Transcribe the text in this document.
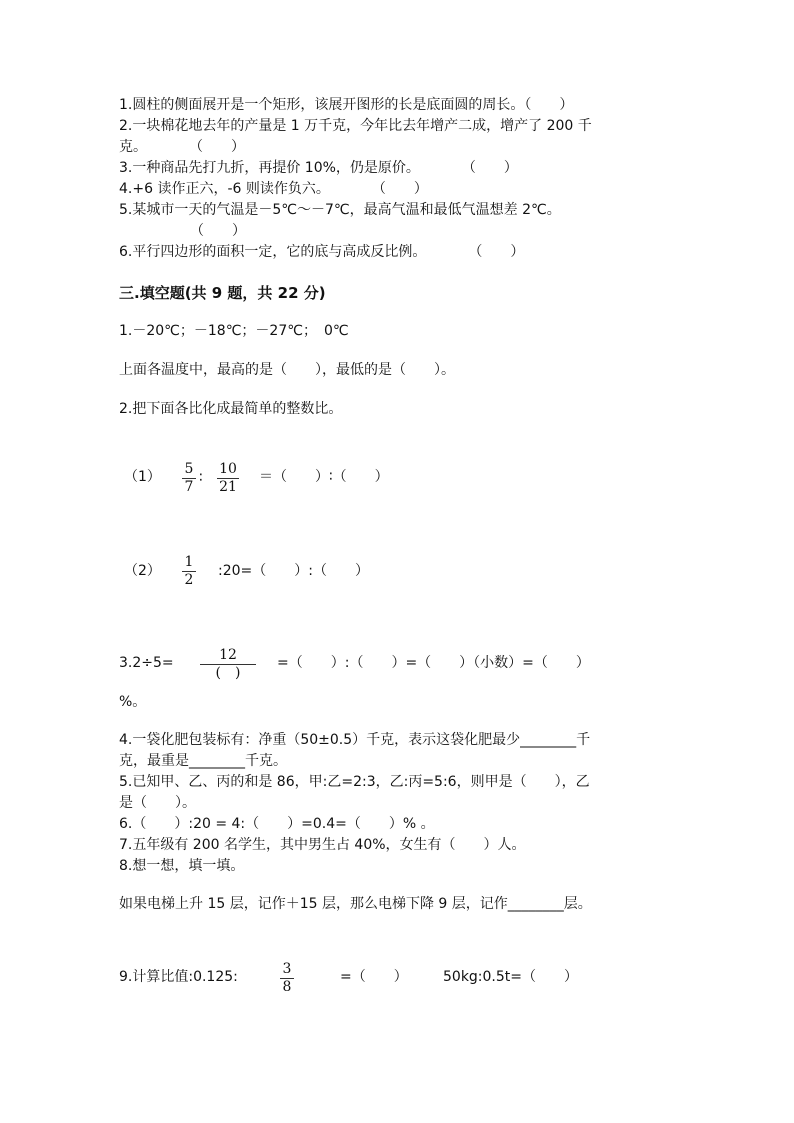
1.圆柱的侧面展开是一个矩形，该展开图形的长是底面圆的周长。（　　）
2.一块棉花地去年的产量是 1 万千克，今年比去年增产二成，增产了 200 千
克。　　　　（　　）
3.一种商品先打九折，再提价 10%，仍是原价。　　　　（　　）
4.+6 读作正六，-6 则读作负六。　　　　（　　）
5.某城市一天的气温是－5℃～－7℃，最高气温和最低气温想差 2℃。
（　　）
6.平行四边形的面积一定，它的底与高成反比例。　　　　（　　）
三.填空题(共 9 题，共 22 分)
1.－20℃；－18℃；－27℃；　0℃
上面各温度中，最高的是（　　），最低的是（　　）。
2.把下面各比化成最简单的整数比。
（1） 5
7
∶
10
21
＝（　　）∶（　　）
（2）
1
2
:20=（　　）:（　　）
3.2÷5=	12
(　)
=（　　）:（　　）=（　　）（小数）=（　　）
%。
4.一袋化肥包装标有：净重（50±0.5）千克，表示这袋化肥最少________千
克，最重是________千克。
5.已知甲、乙、丙的和是 86，甲:乙=2:3，乙:丙=5:6，则甲是（　　），乙
是（　　）。
6.（　　）:20 = 4:（　　）=0.4=（　　）% 。
7.五年级有 200 名学生，其中男生占 40%，女生有（　　）人。
8.想一想，填一填。
如果电梯上升 15 层，记作＋15 层，那么电梯下降 9 层，记作________层。
9.计算比值:0.125:	3
8
=（　　）	50kg:0.5t=（　　）
